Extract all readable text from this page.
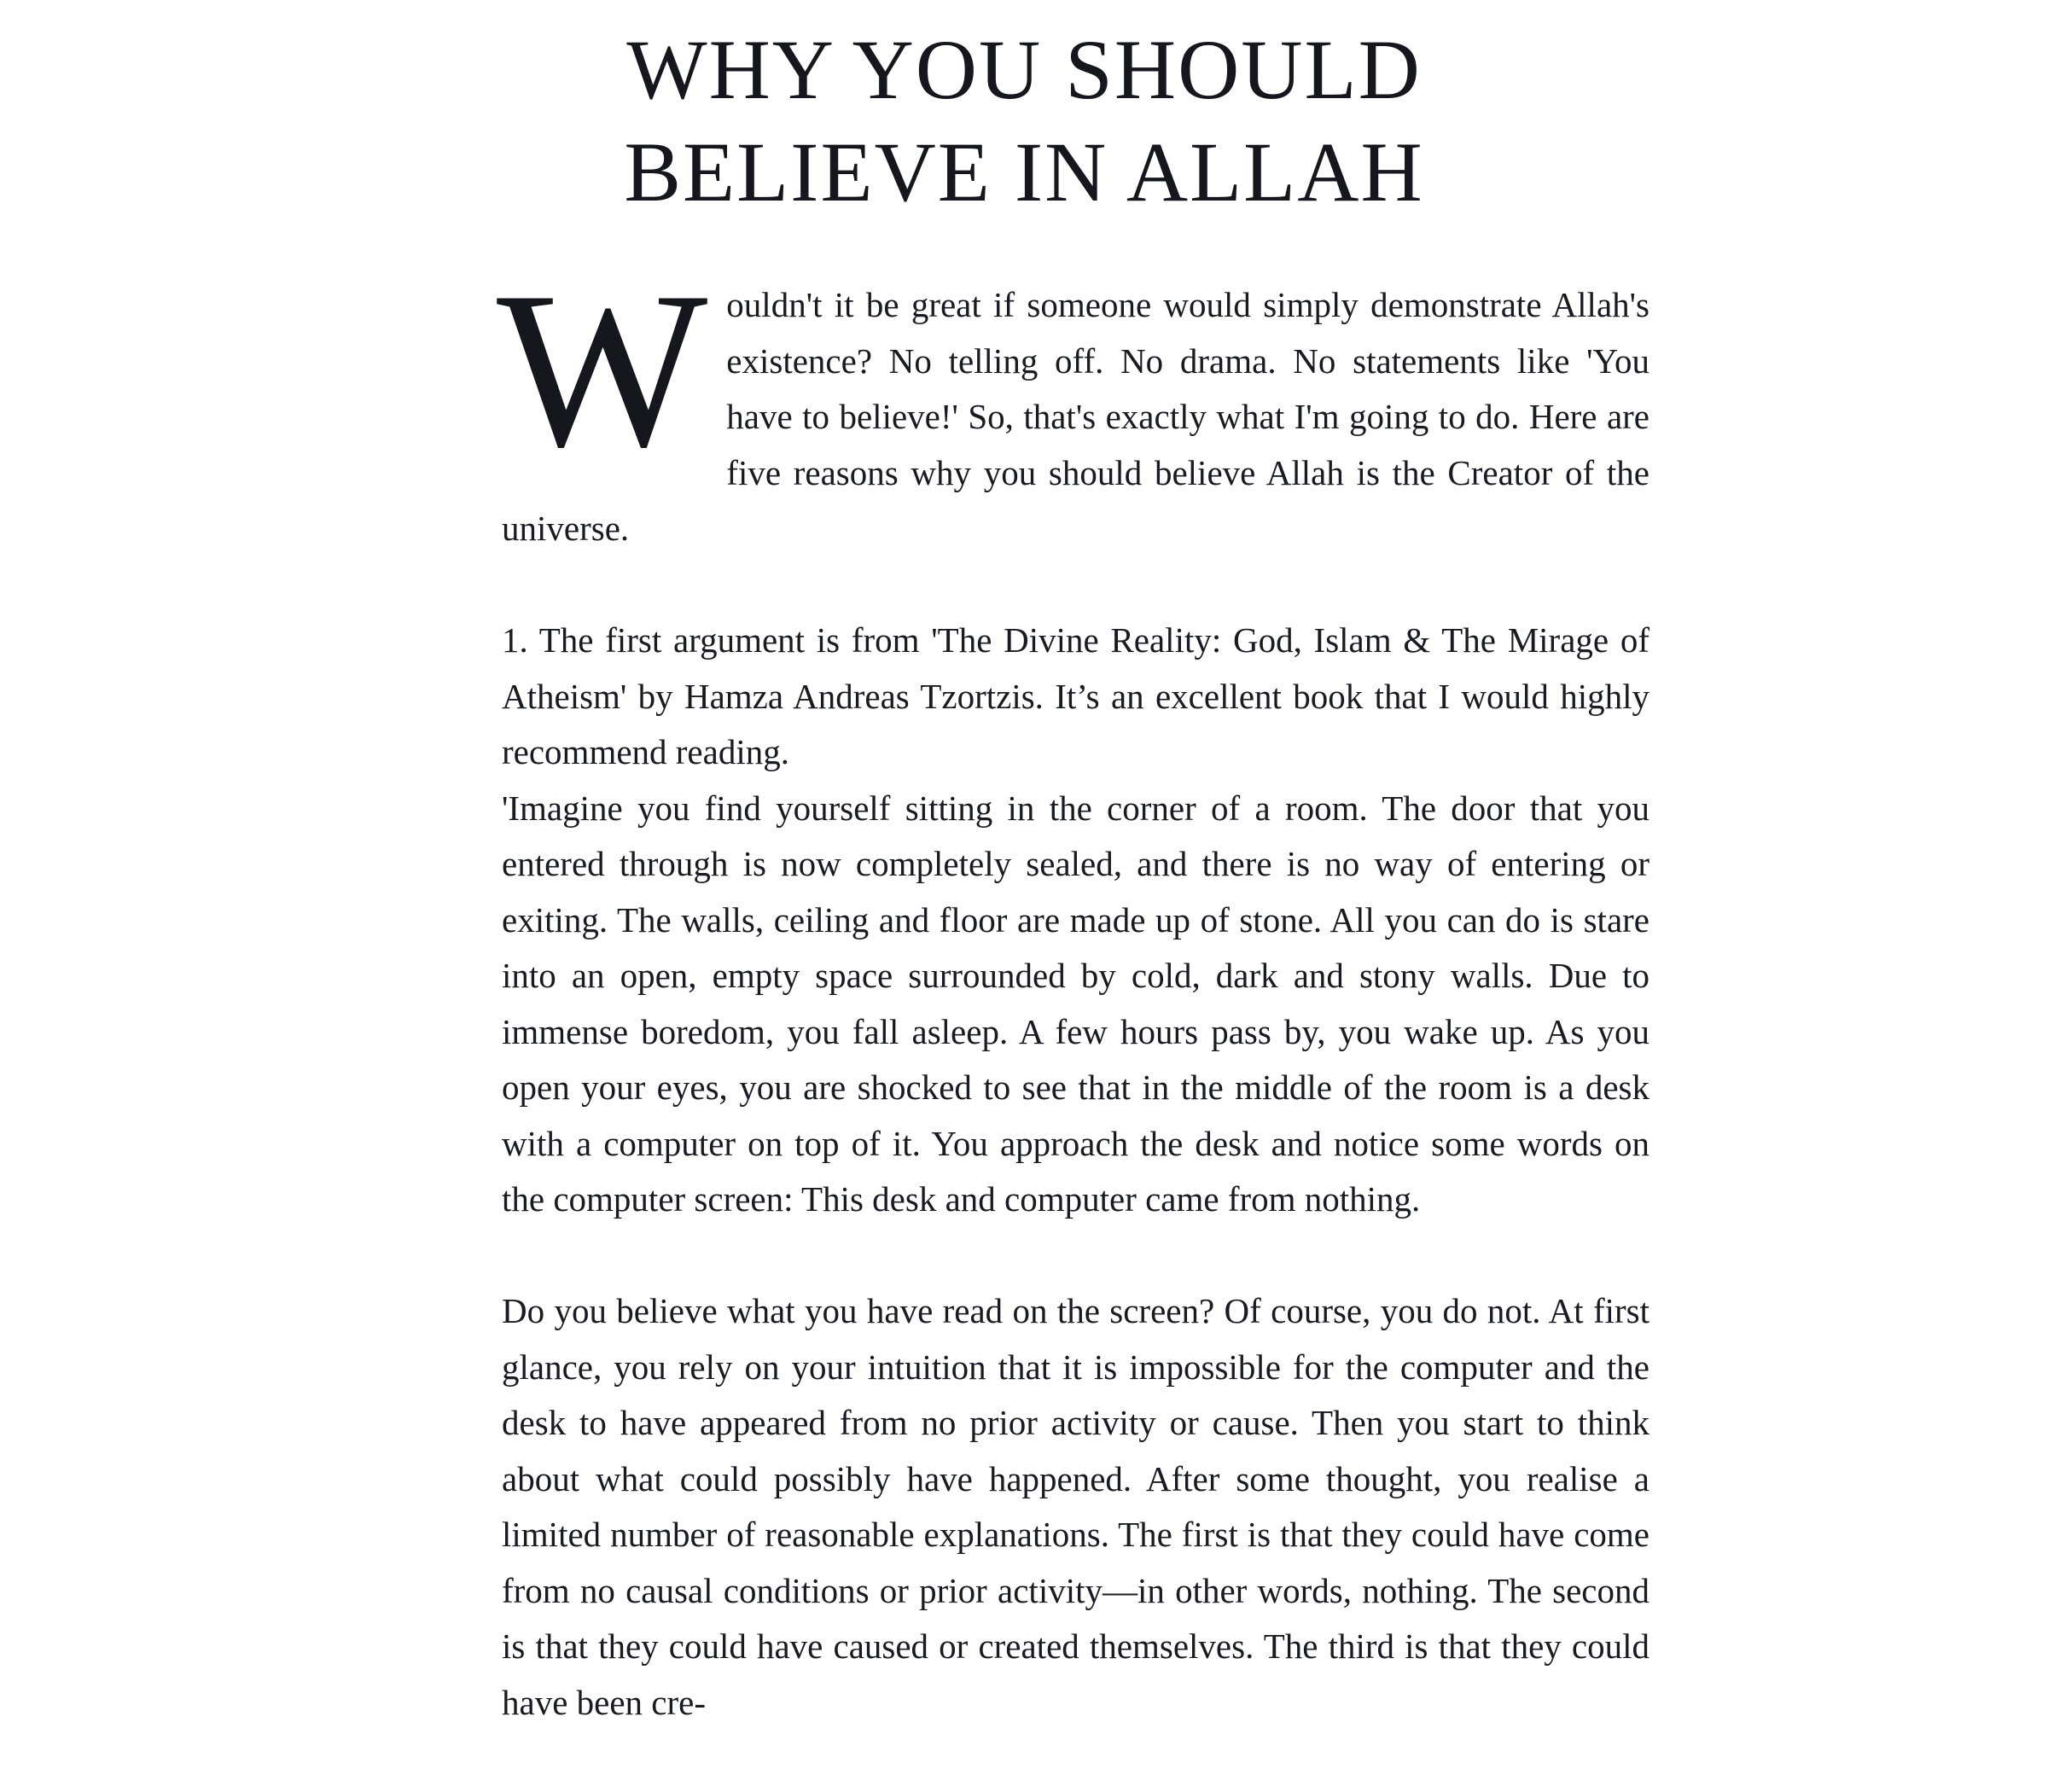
WHY YOU SHOULD
BELIEVE IN ALLAH

Wouldn't it be great if someone would simply demonstrate Allah's existence? No telling off. No drama. No statements like 'You have to believe!' So, that's exactly what I'm going to do. Here are five reasons why you should believe Allah is the Creator of the universe.

1. The first argument is from 'The Divine Reality: God, Islam & The Mirage of Atheism' by Hamza Andreas Tzortzis. It’s an excellent book that I would highly recommend reading.

'Imagine you find yourself sitting in the corner of a room. The door that you entered through is now completely sealed, and there is no way of entering or exiting. The walls, ceiling and floor are made up of stone. All you can do is stare into an open, empty space surrounded by cold, dark and stony walls. Due to immense boredom, you fall asleep. A few hours pass by, you wake up. As you open your eyes, you are shocked to see that in the middle of the room is a desk with a computer on top of it. You approach the desk and notice some words on the computer screen: This desk and computer came from nothing.

Do you believe what you have read on the screen? Of course, you do not. At first glance, you rely on your intuition that it is impossible for the computer and the desk to have appeared from no prior activity or cause. Then you start to think about what could possibly have happened. After some thought, you realise a limited number of reasonable explanations. The first is that they could have come from no causal conditions or prior activity—in other words, nothing. The second is that they could have caused or created themselves. The third is that they could have been cre-
